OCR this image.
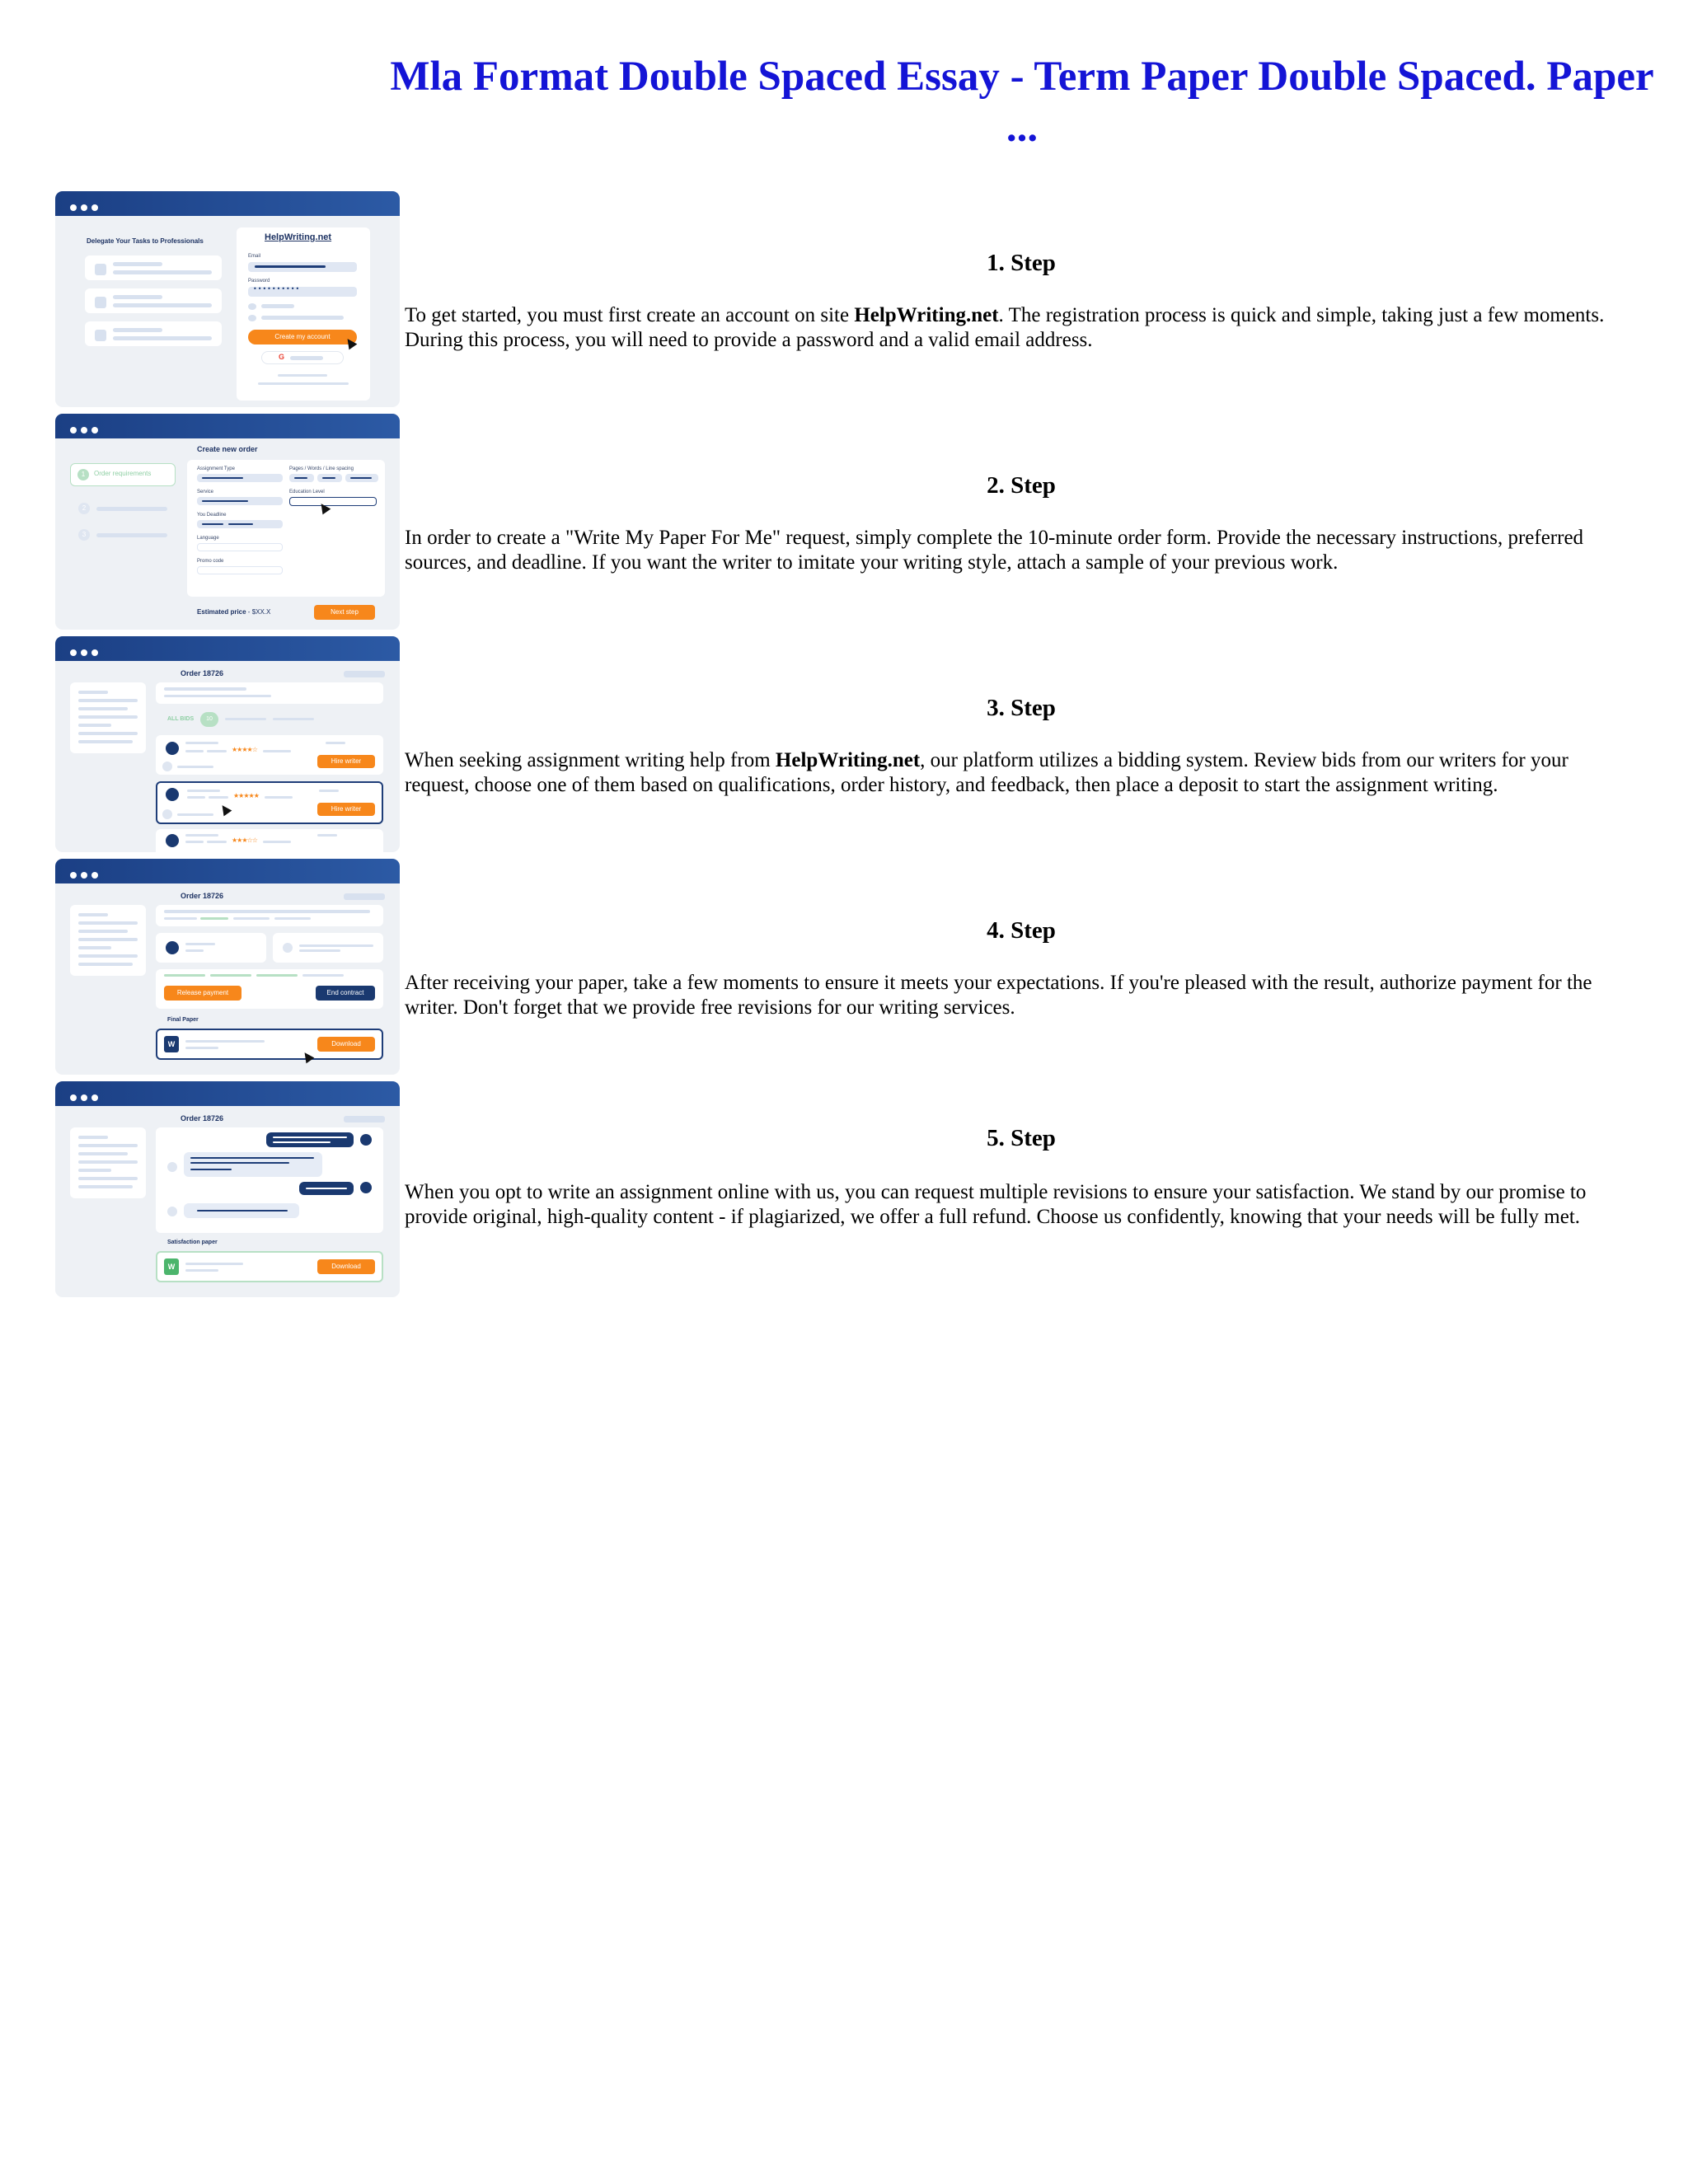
Mla Format Double Spaced Essay - Term Paper Double Spaced. Paper ...
Delegate Your Tasks to Professionals	HelpWriting.net
Email
Password
••••••••••
Create my account
G
1. Step

To get started, you must first create an account on site HelpWriting.net. The registration process is quick and simple, taking just a few moments. During this process, you will need to provide a password and a valid email address.

1	Order requirements
2
3
Create new order
Assignment Type	Pages / Words / Line spacing
Service	Education Level
You Deadline
Language
Promo code
Estimated price - $XX.X	Next step
2. Step

In order to create a "Write My Paper For Me" request, simply complete the 10-minute order form. Provide the necessary instructions, preferred sources, and deadline. If you want the writer to imitate your writing style, attach a sample of your previous work.

Order 18726
ALL BIDS	10
★★★★☆
Hire writer
★★★★★
Hire writer
★★★☆☆
3. Step

When seeking assignment writing help from HelpWriting.net, our platform utilizes a bidding system. Review bids from our writers for your request, choose one of them based on qualifications, order history, and feedback, then place a deposit to start the assignment writing.

Order 18726
Release payment	End contract
Final Paper
W	Download
4. Step

After receiving your paper, take a few moments to ensure it meets your expectations. If you're pleased with the result, authorize payment for the writer. Don't forget that we provide free revisions for our writing services.

Order 18726
Satisfaction paper
W	Download
5. Step

When you opt to write an assignment online with us, you can request multiple revisions to ensure your satisfaction. We stand by our promise to provide original, high-quality content - if plagiarized, we offer a full refund. Choose us confidently, knowing that your needs will be fully met.
